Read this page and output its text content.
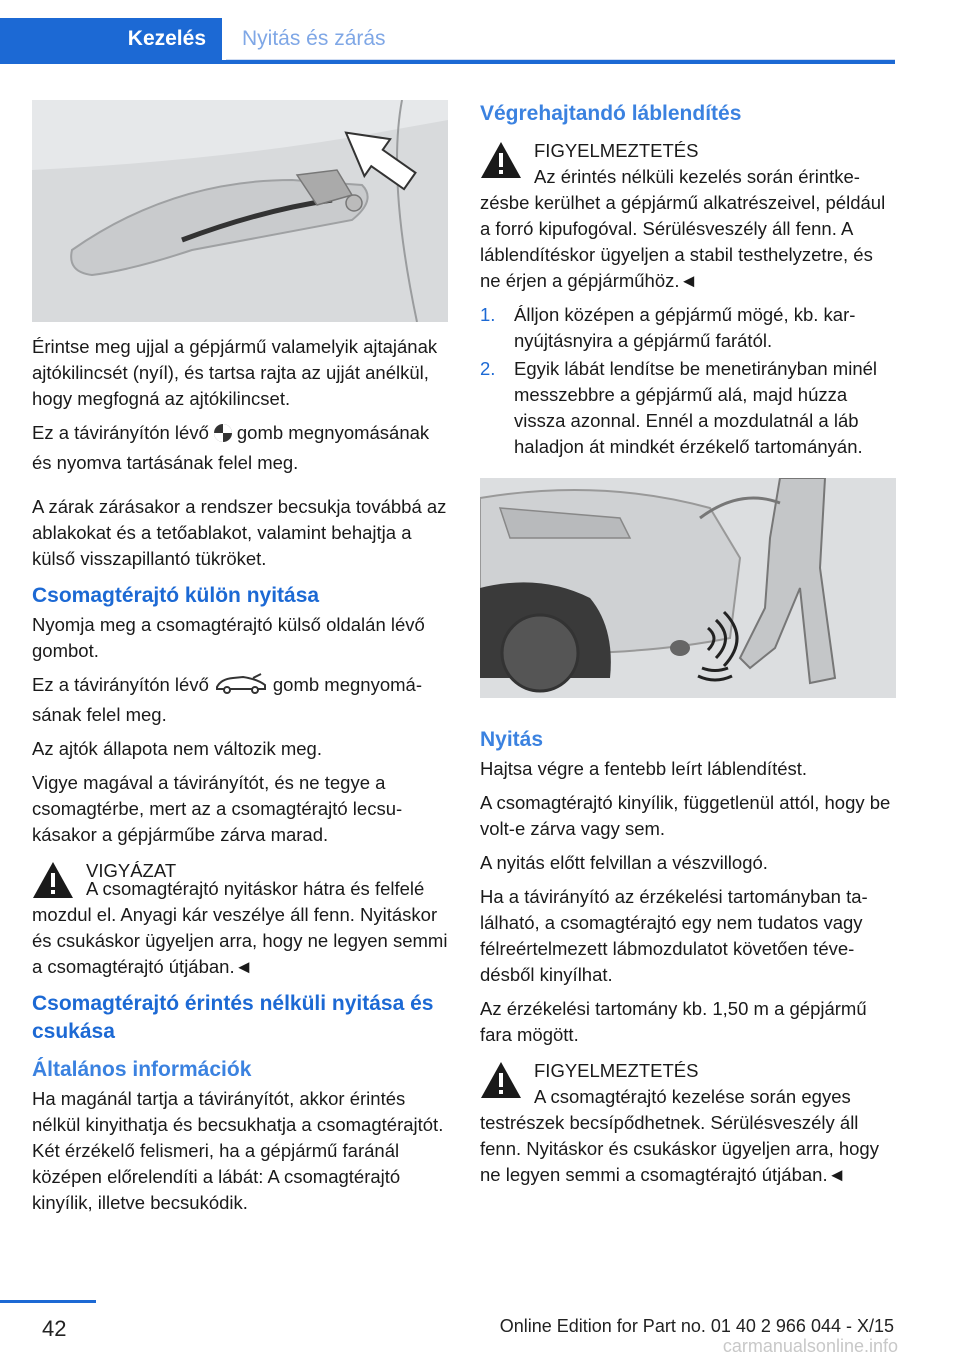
Kezelés	Nyitás és zárás

Érintse meg ujjal a gépjármű valamelyik ajtajának ajtókilincsét (nyíl), és tartsa rajta az ujját anélkül, hogy megfogná az ajtókilincset.

Ez a távirányítón lévő gomb megnyomásának és nyomva tartásának felel meg.

A zárak zárásakor a rendszer becsukja továbbá az ablakokat és a tetőablakot, valamint behajtja a külső visszapillantó tükröket.

Csomagtérajtó külön nyitása

Nyomja meg a csomagtérajtó külső oldalán lévő gombot.

Ez a távirányítón lévő	gomb megnyomásának felel meg.

Az ajtók állapota nem változik meg.

Vigye magával a távirányítót, és ne tegye a csomagtérbe, mert az a csomagtérajtó lecsukásakor a gépjárműbe zárva marad.

VIGYÁZAT
A csomagtérajtó nyitáskor hátra és felfelé mozdul el. Anyagi kár veszélye áll fenn. Nyitáskor és csukáskor ügyeljen arra, hogy ne legyen semmi a csomagtérajtó útjában.◄
Csomagtérajtó érintés nélküli nyitása és csukása
Általános információk

Ha magánál tartja a távirányítót, akkor érintés nélkül kinyithatja és becsukhatja a csomagtérajtót. Két érzékelő felismeri, ha a gépjármű faránál középen előrelendíti a lábát: A csomagtérajtó kinyílik, illetve becsukódik.

Végrehajtandó láblendítés
FIGYELMEZTETÉS
Az érintés nélküli kezelés során érintkezésbe kerülhet a gépjármű alkatrészeivel, például a forró kipufogóval. Sérülésveszély áll fenn. A láblendítéskor ügyeljen a stabil testhelyzetre, és ne érjen a gépjárműhöz.◄
1. Álljon középen a gépjármű mögé, kb. karnyújtásnyira a gépjármű farától.
2. Egyik lábát lendítse be menetirányban minél messzebbre a gépjármű alá, majd húzza vissza azonnal. Ennél a mozdulatnál a láb haladjon át mindkét érzékelő tartományán.
Nyitás

Hajtsa végre a fentebb leírt láblendítést.

A csomagtérajtó kinyílik, függetlenül attól, hogy be volt-e zárva vagy sem.

A nyitás előtt felvillan a vészvillogó.

Ha a távirányító az érzékelési tartományban található, a csomagtérajtó egy nem tudatos vagy félreértelmezett lábmozdulatot követően tévedésből kinyílhat.

Az érzékelési tartomány kb. 1,50 m a gépjármű fara mögött.

FIGYELMEZTETÉS
A csomagtérajtó kezelése során egyes testrészek becsípődhetnek. Sérülésveszély áll fenn. Nyitáskor és csukáskor ügyeljen arra, hogy ne legyen semmi a csomagtérajtó útjában.◄
42	Online Edition for Part no. 01 40 2 966 044 - X/15
carmanualsonline.info
